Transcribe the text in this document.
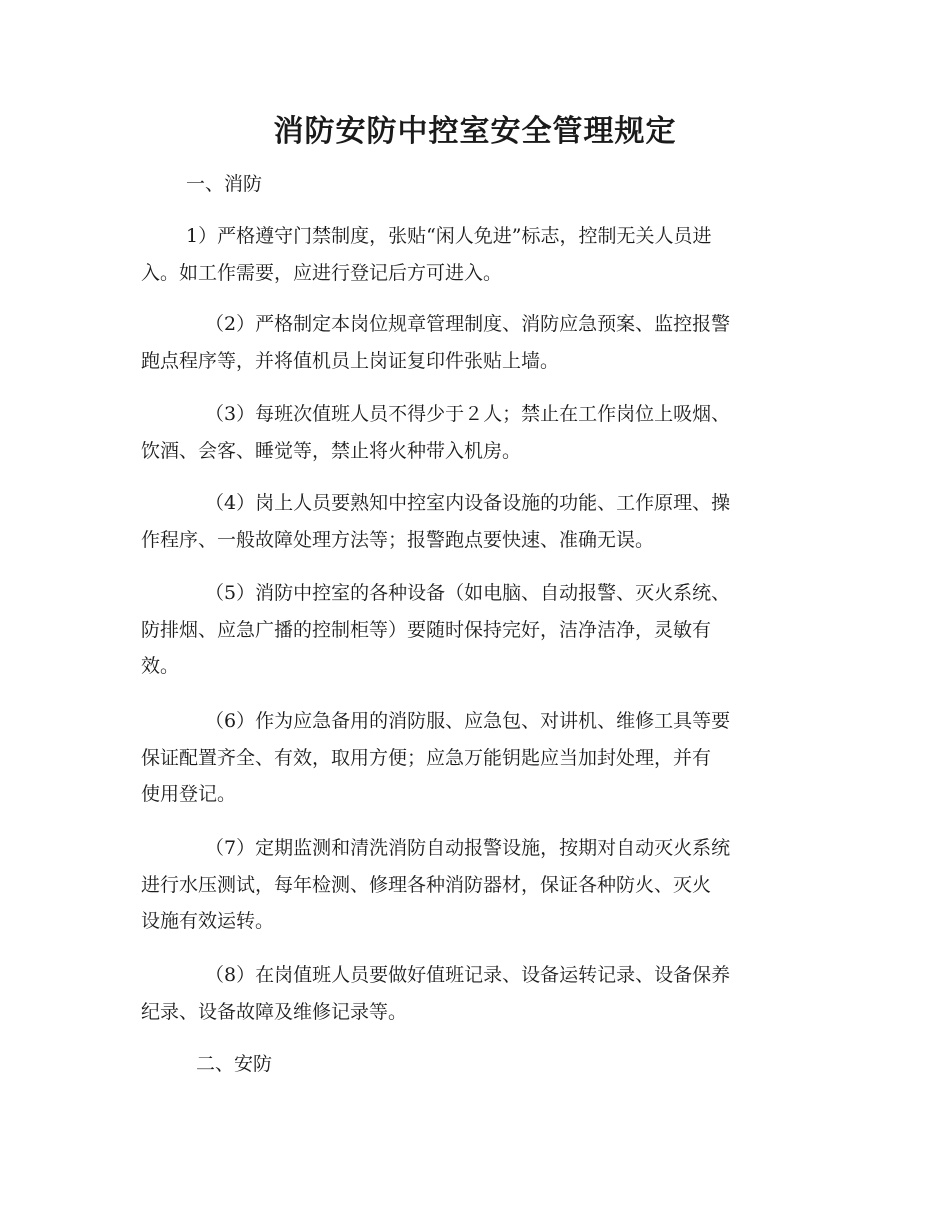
消防安防中控室安全管理规定

一、消防

1）严格遵守门禁制度，张贴“闲人免进”标志，控制无关人员进
入。如工作需要，应进行登记后方可进入。

（2）严格制定本岗位规章管理制度、消防应急预案、监控报警
跑点程序等，并将值机员上岗证复印件张贴上墙。

（3）每班次值班人员不得少于２人；禁止在工作岗位上吸烟、
饮酒、会客、睡觉等，禁止将火种带入机房。

（4）岗上人员要熟知中控室内设备设施的功能、工作原理、操
作程序、一般故障处理方法等；报警跑点要快速、准确无误。

（5）消防中控室的各种设备（如电脑、自动报警、灭火系统、
防排烟、应急广播的控制柜等）要随时保持完好，洁净洁净，灵敏有
效。

（6）作为应急备用的消防服、应急包、对讲机、维修工具等要
保证配置齐全、有效，取用方便；应急万能钥匙应当加封处理，并有
使用登记。

（7）定期监测和清洗消防自动报警设施，按期对自动灭火系统
进行水压测试，每年检测、修理各种消防器材，保证各种防火、灭火
设施有效运转。

（8）在岗值班人员要做好值班记录、设备运转记录、设备保养
纪录、设备故障及维修记录等。

二、安防
